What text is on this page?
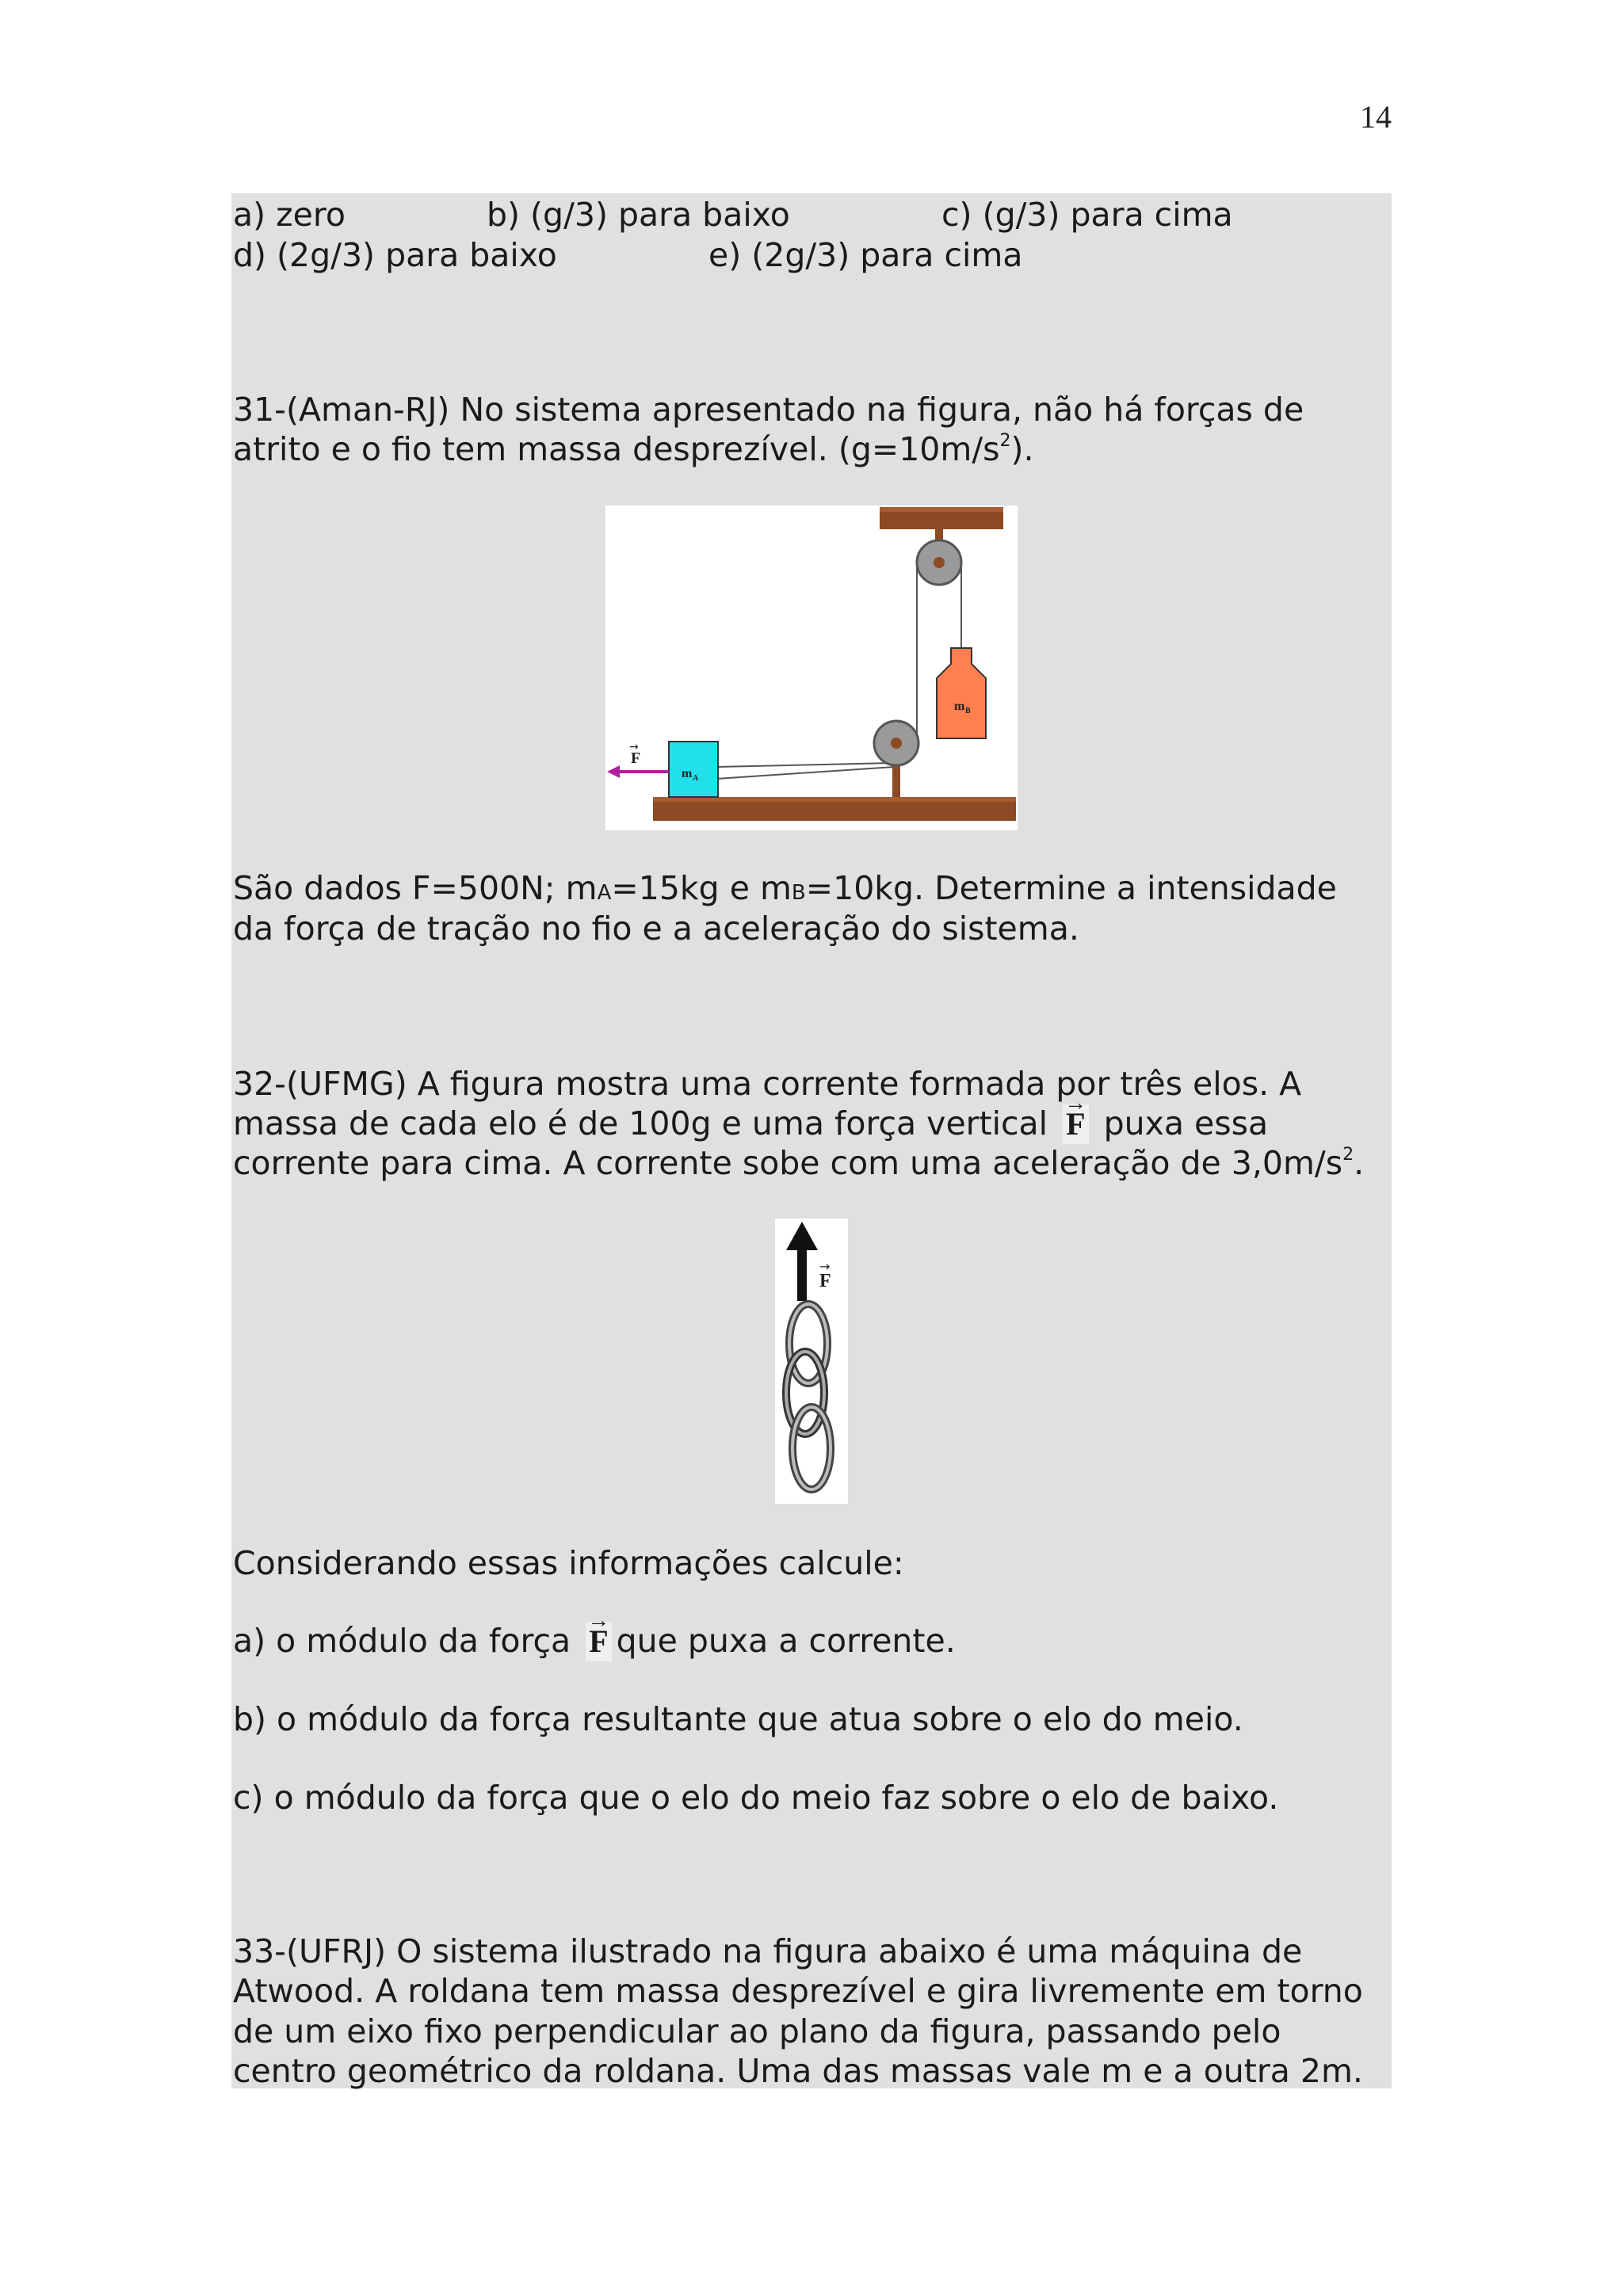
14

a) zero

	b) (g/3) para baixo

	c) (g/3) para cima

d) (2g/3) para baixo

	e) (2g/3) para cima

31-(Aman-RJ) No sistema apresentado na figura, não há forças de
atrito e o fio tem massa desprezível. $(g=10m/s^2)$.
m B
m A
F
→
São dados F=500N; mA=15kg e mB=10kg. Determine a intensidade
da força de tração no fio e a aceleração do sistema.
32-(UFMG) A figura mostra uma corrente formada por três elos. A
massa de cada elo é de 100g e uma força vertical → F puxa essa
corrente para cima. A corrente sobe com uma aceleração de $3,0m/s^2$.
F
→
Considerando essas informações calcule:
a) o módulo da força → F que puxa a corrente.
b) o módulo da força resultante que atua sobre o elo do meio.
c) o módulo da força que o elo do meio faz sobre o elo de baixo.
33-(UFRJ) O sistema ilustrado na figura abaixo é uma máquina de
Atwood. A roldana tem massa desprezível e gira livremente em torno
de um eixo fixo perpendicular ao plano da figura, passando pelo
centro geométrico da roldana. Uma das massas vale m e a outra 2m.
